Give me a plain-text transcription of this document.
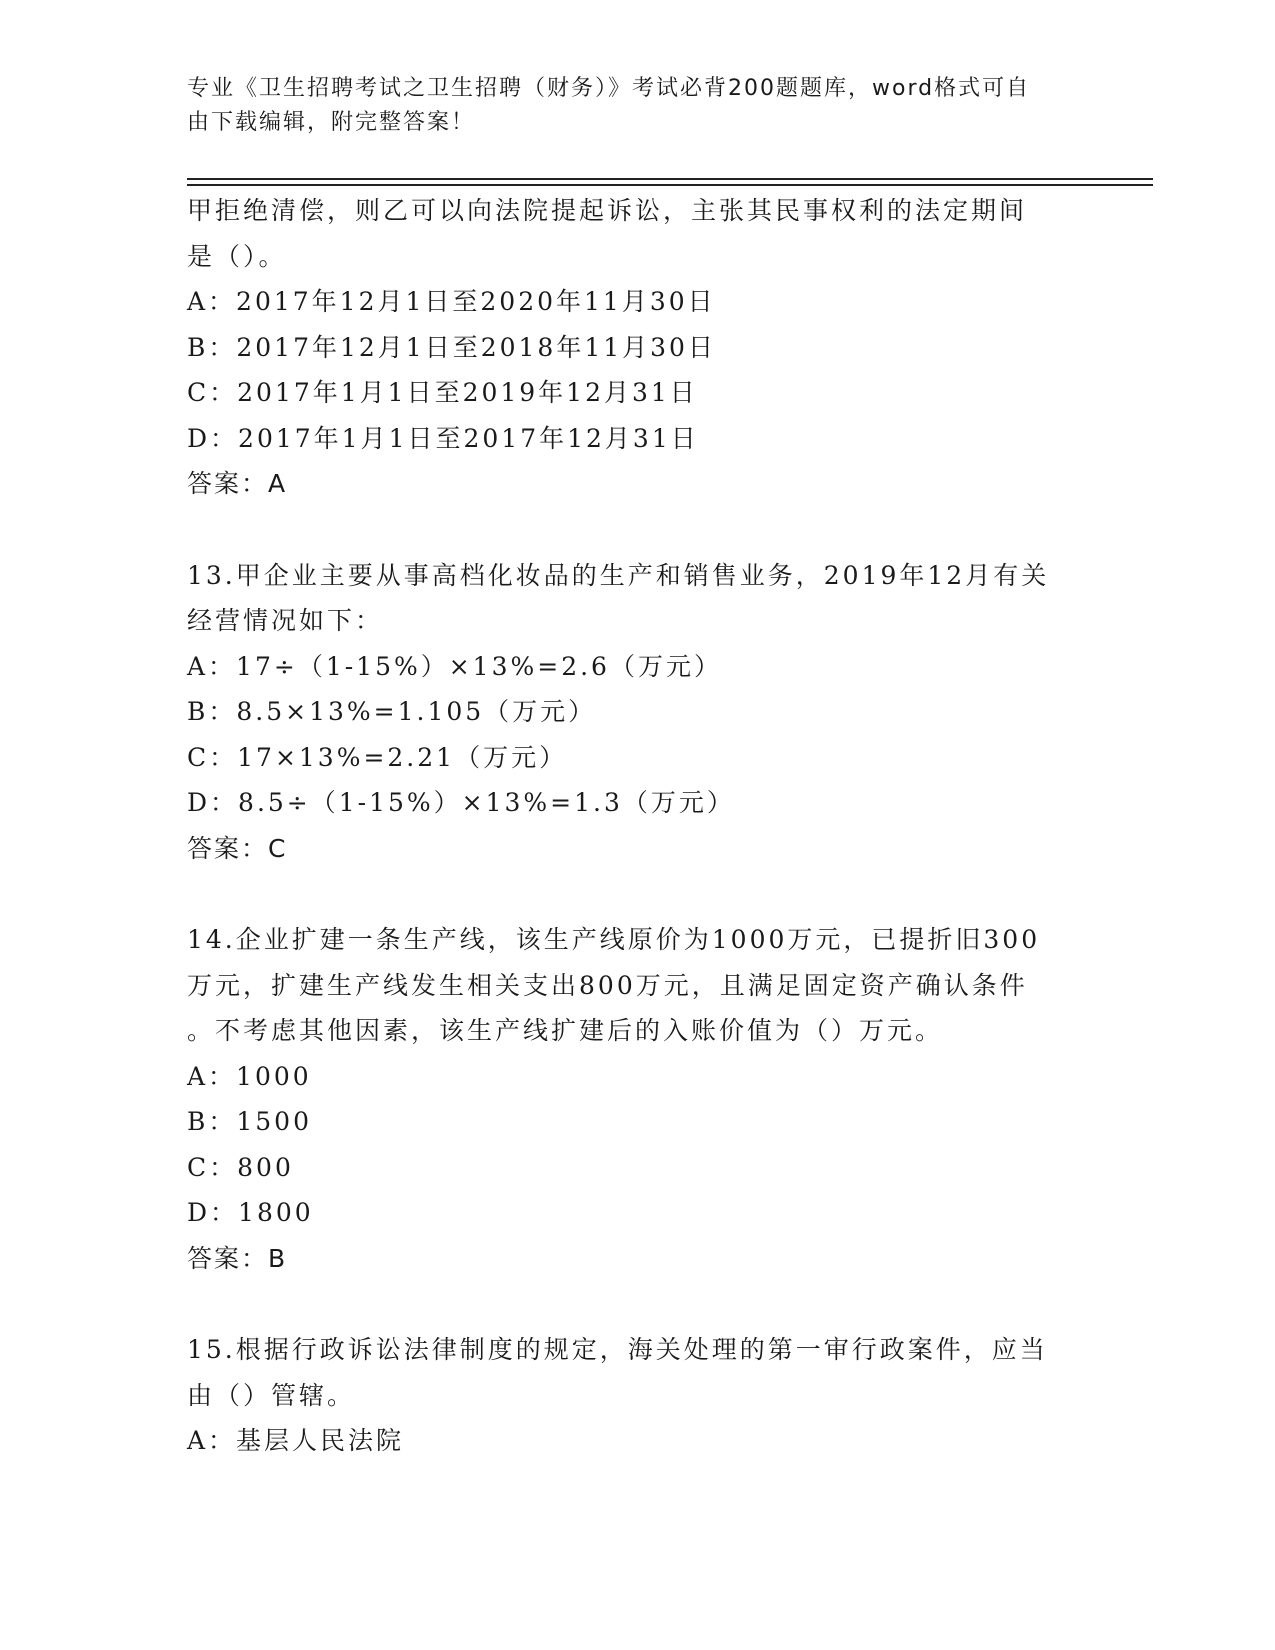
专业《卫生招聘考试之卫生招聘（财务）》考试必背200题题库，word格式可自
由下载编辑，附完整答案！
甲拒绝清偿，则乙可以向法院提起诉讼，主张其民事权利的法定期间
是（）。
A：2017年12月1日至2020年11月30日
B：2017年12月1日至2018年11月30日
C：2017年1月1日至2019年12月31日
D：2017年1月1日至2017年12月31日
答案：A
13.甲企业主要从事高档化妆品的生产和销售业务，2019年12月有关
经营情况如下：
A：17÷（1-15%）×13%=2.6（万元）
B：8.5×13%=1.105（万元）
C：17×13%=2.21（万元）
D：8.5÷（1-15%）×13%=1.3（万元）
答案：C
14.企业扩建一条生产线，该生产线原价为1000万元，已提折旧300
万元，扩建生产线发生相关支出800万元，且满足固定资产确认条件
。不考虑其他因素，该生产线扩建后的入账价值为（）万元。
A：1000
B：1500
C：800
D：1800
答案：B
15.根据行政诉讼法律制度的规定，海关处理的第一审行政案件，应当
由（）管辖。
A：基层人民法院
